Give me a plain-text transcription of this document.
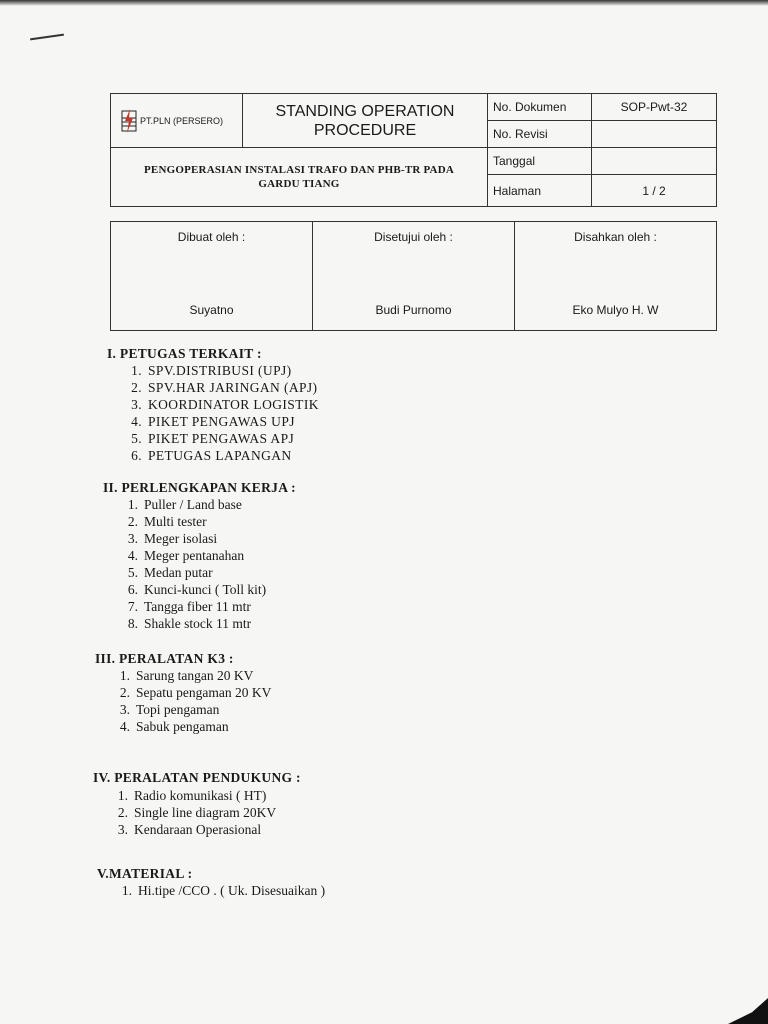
PT.PLN (PERSERO)
STANDING OPERATION
PROCEDURE
PENGOPERASIAN INSTALASI TRAFO DAN PHB-TR PADA
GARDU TIANG
No. Dokumen	SOP-Pwt-32
No. Revisi
Tanggal
Halaman	1 / 2
Dibuat oleh :
Suyatno
Disetujui oleh :
Budi Purnomo
Disahkan oleh :
Eko Mulyo H. W
I. PETUGAS TERKAIT :
1. SPV.DISTRIBUSI (UPJ)
2. SPV.HAR JARINGAN (APJ)
3. KOORDINATOR LOGISTIK
4. PIKET PENGAWAS UPJ
5. PIKET PENGAWAS APJ
6. PETUGAS LAPANGAN
II. PERLENGKAPAN KERJA :
1. Puller / Land base
2. Multi tester
3. Meger isolasi
4. Meger pentanahan
5. Medan putar
6. Kunci-kunci ( Toll kit)
7. Tangga fiber 11 mtr
8. Shakle stock 11 mtr
III. PERALATAN K3 :
1. Sarung tangan 20 KV
2. Sepatu pengaman 20 KV
3. Topi pengaman
4. Sabuk pengaman
IV. PERALATAN PENDUKUNG :
1. Radio komunikasi ( HT)
2. Single line diagram 20KV
3. Kendaraan Operasional
V.MATERIAL :
1. Hi.tipe /CCO . ( Uk. Disesuaikan )
